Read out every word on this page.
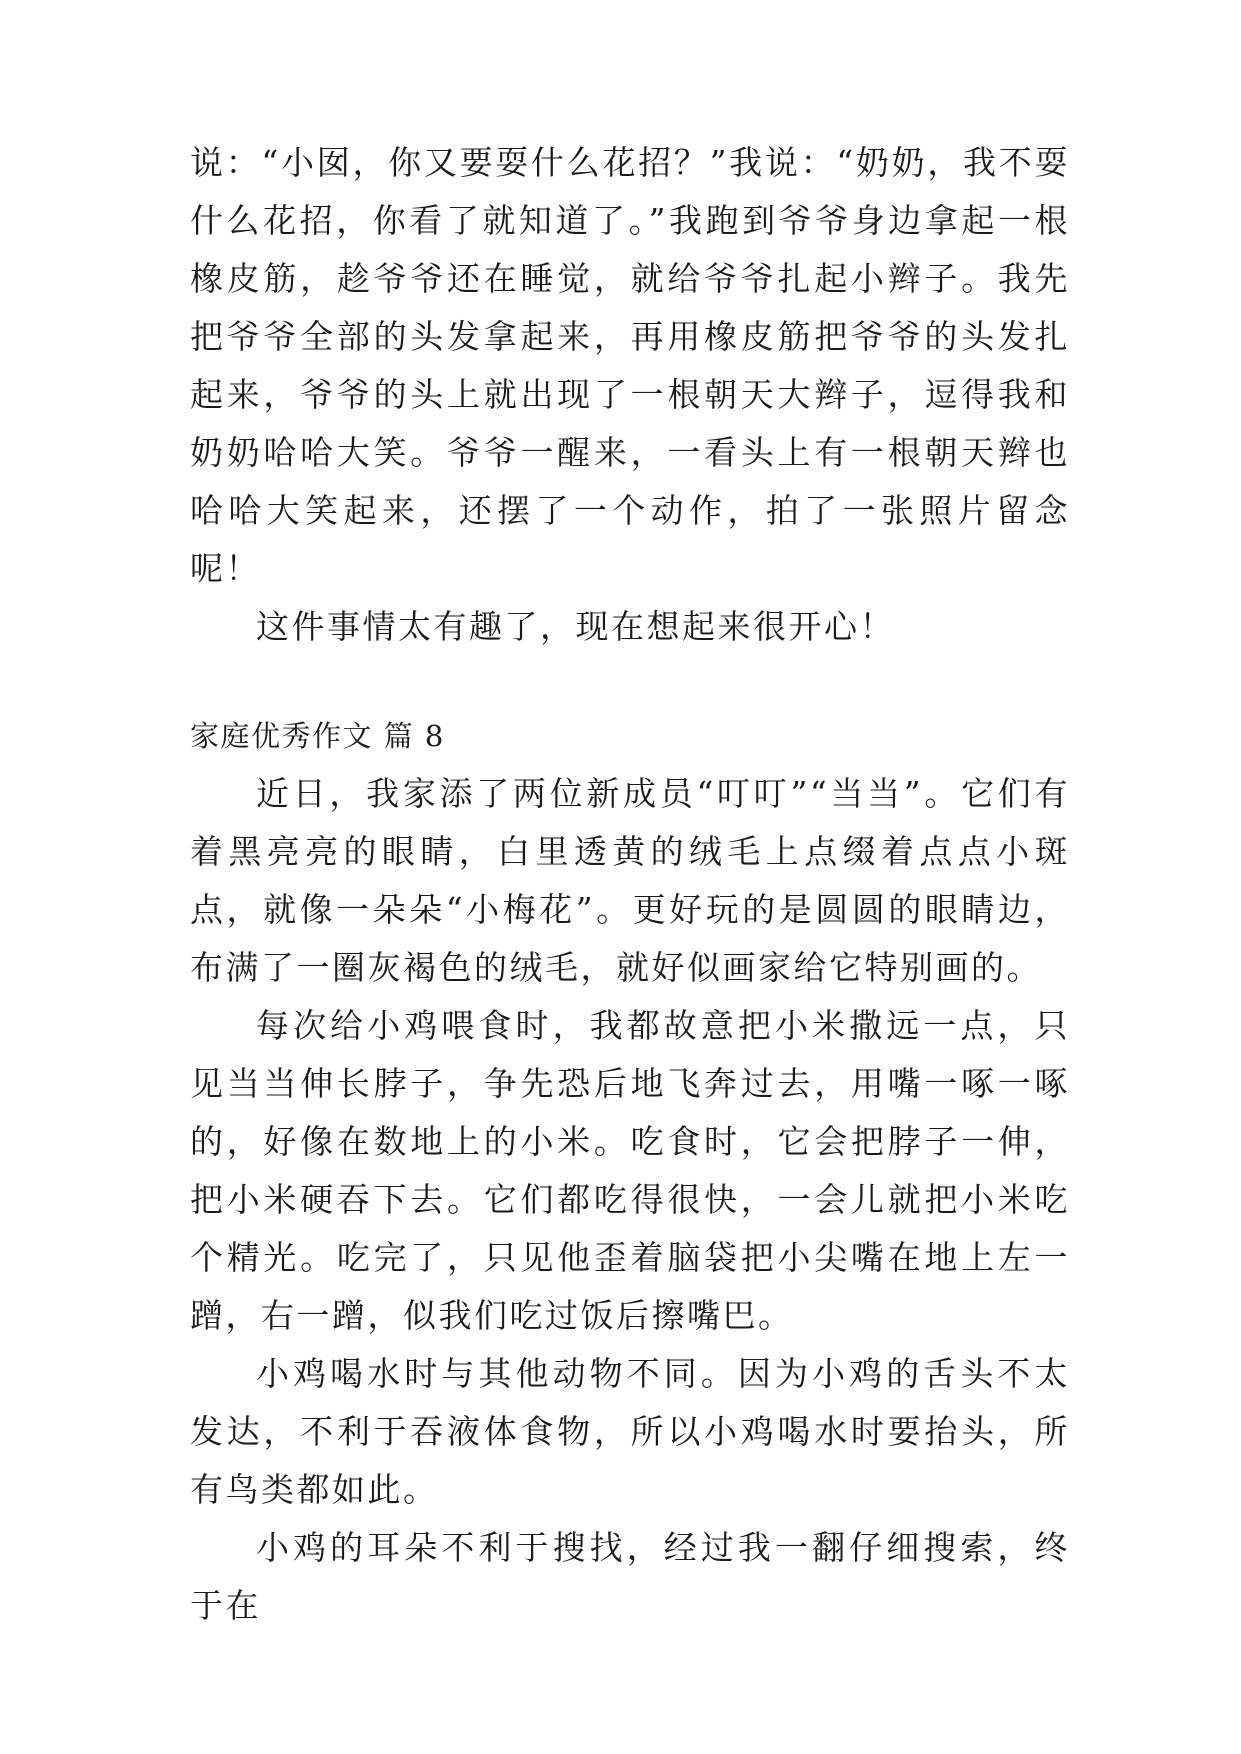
说：“小囡，你又要耍什么花招？”我说：“奶奶，我不耍什么花招，你看了就知道了。”我跑到爷爷身边拿起一根橡皮筋，趁爷爷还在睡觉，就给爷爷扎起小辫子。我先把爷爷全部的头发拿起来，再用橡皮筋把爷爷的头发扎起来，爷爷的头上就出现了一根朝天大辫子，逗得我和奶奶哈哈大笑。爷爷一醒来，一看头上有一根朝天辫也哈哈大笑起来，还摆了一个动作，拍了一张照片留念呢！

这件事情太有趣了，现在想起来很开心！

家庭优秀作文 篇 8

近日，我家添了两位新成员“叮叮”“当当”。它们有着黑亮亮的眼睛，白里透黄的绒毛上点缀着点点小斑点，就像一朵朵“小梅花”。更好玩的是圆圆的眼睛边，布满了一圈灰褐色的绒毛，就好似画家给它特别画的。

每次给小鸡喂食时，我都故意把小米撒远一点，只见当当伸长脖子，争先恐后地飞奔过去，用嘴一啄一啄的，好像在数地上的小米。吃食时，它会把脖子一伸，把小米硬吞下去。它们都吃得很快，一会儿就把小米吃个精光。吃完了，只见他歪着脑袋把小尖嘴在地上左一蹭，右一蹭，似我们吃过饭后擦嘴巴。

小鸡喝水时与其他动物不同。因为小鸡的舌头不太发达，不利于吞液体食物，所以小鸡喝水时要抬头，所有鸟类都如此。

小鸡的耳朵不利于搜找，经过我一翻仔细搜索，终于在
